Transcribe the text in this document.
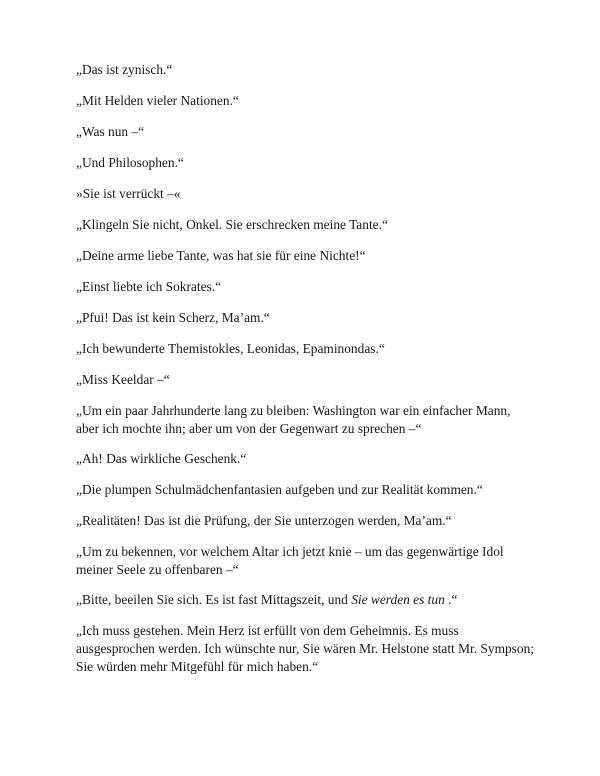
„Das ist zynisch.“

„Mit Helden vieler Nationen.“

„Was nun –“

„Und Philosophen.“

»Sie ist verrückt –«

„Klingeln Sie nicht, Onkel. Sie erschrecken meine Tante.“

„Deine arme liebe Tante, was hat sie für eine Nichte!“

„Einst liebte ich Sokrates.“

„Pfui! Das ist kein Scherz, Ma’am.“

„Ich bewunderte Themistokles, Leonidas, Epaminondas.“

„Miss Keeldar –“

„Um ein paar Jahrhunderte lang zu bleiben: Washington war ein einfacher Mann, aber ich mochte ihn; aber um von der Gegenwart zu sprechen –“

„Ah! Das wirkliche Geschenk.“

„Die plumpen Schulmädchenfantasien aufgeben und zur Realität kommen.“

„Realitäten! Das ist die Prüfung, der Sie unterzogen werden, Ma’am.“

„Um zu bekennen, vor welchem Altar ich jetzt knie – um das gegenwärtige Idol meiner Seele zu offenbaren –“

„Bitte, beeilen Sie sich. Es ist fast Mittagszeit, und Sie werden es tun .“

„Ich muss gestehen. Mein Herz ist erfüllt von dem Geheimnis. Es muss ausgesprochen werden. Ich wünschte nur, Sie wären Mr. Helstone statt Mr. Sympson; Sie würden mehr Mitgefühl für mich haben.“
